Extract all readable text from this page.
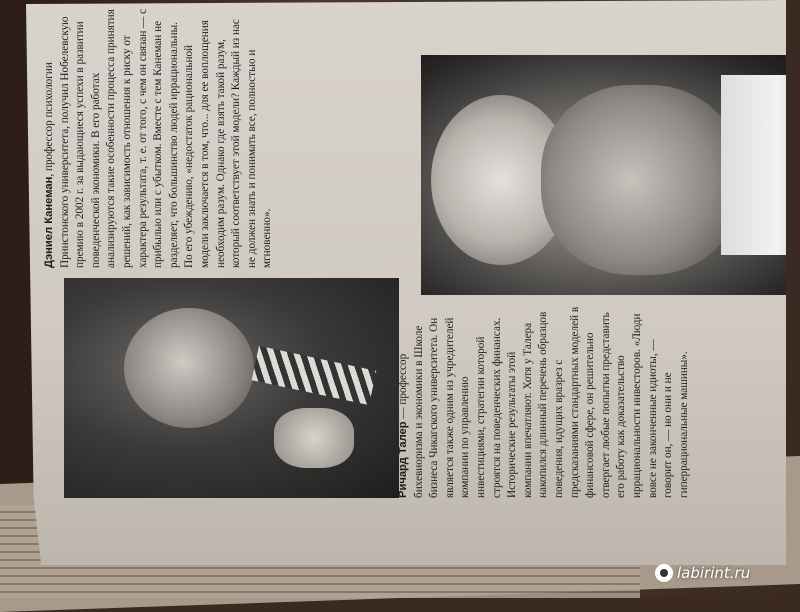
Дэниел Канеман, профессор психологии Принстонского университета, получил Нобелевскую премию в 2002 г. за выдающиеся успехи в развитии поведенческой экономики. В его работах анализируются такие особенности процесса принятия решений, как зависимость отношения к риску от характера результата, т. е. от того, с чем он связан — с прибылью или с убытком. Вместе с тем Канеман не разделяет, что большинство людей иррациональны. По его убеждению, «недостаток рациональной модели заключается в том, что... для ее воплощения необходим разум. Однако где взять такой разум, который соответствует этой модели? Каждый из нас не должен знать и понимать все, полностью и мгновенно».
Ричард Талер — профессор бихевиоризма и экономики в Школе бизнеса Чикагского университета. Он является также одним из учредителей компании по управлению инвестициями, стратегии которой строятся на поведенческих финансах. Исторические результаты этой компании впечатляют. Хотя у Талера накопился длинный перечень образцов поведения, идущих вразрез с предсказаниями стандартных моделей в финансовой сфере, он решительно отвергает любые попытки представить его работу как доказательство иррациональности инвесторов. «Люди вовсе не законченные идиоты, — говорит он, — но они и не гиперрациональные машины».
labirint.ru
